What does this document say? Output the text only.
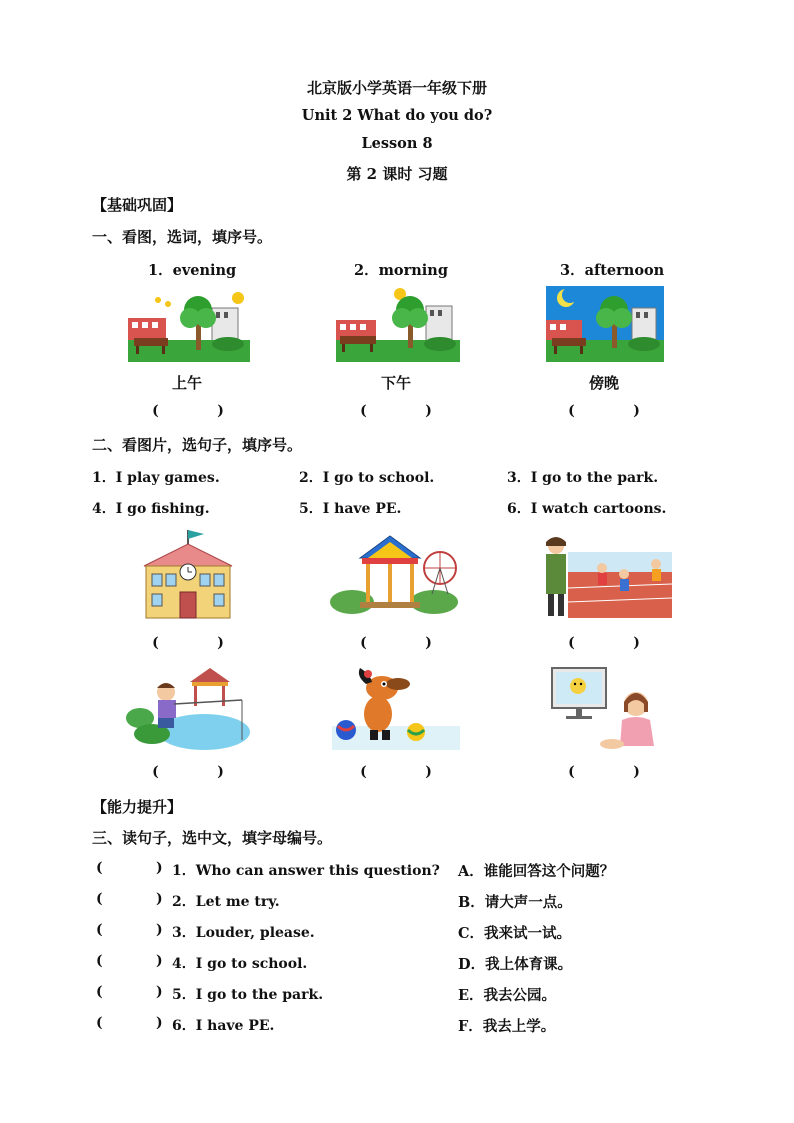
北京版小学英语一年级下册
Unit 2 What do you do?
Lesson 8
第 2 课时 习题
【基础巩固】
一、看图，选词，填序号。
1．evening	2．morning	3．afternoon
上午	下午	傍晚
(            )	(            )	(            )
二、看图片，选句子，填序号。
1．I play games.	2．I go to school.	3．I go to the park.
4．I go fishing.	5．I have PE.	6．I watch cartoons.
(            )	(            )	(            )
(            )	(            )	(            )
【能力提升】
三、读句子，选中文，填字母编号。
(	) 1．Who can answer this question? A．谁能回答这个问题？
(	) 2．Let me try.	B．请大声一点。
(	) 3．Louder, please.	C．我来试一试。
(	) 4．I go to school.	D．我上体育课。
(	) 5．I go to the park.	E．我去公园。
(	) 6．I have PE.	F．我去上学。
